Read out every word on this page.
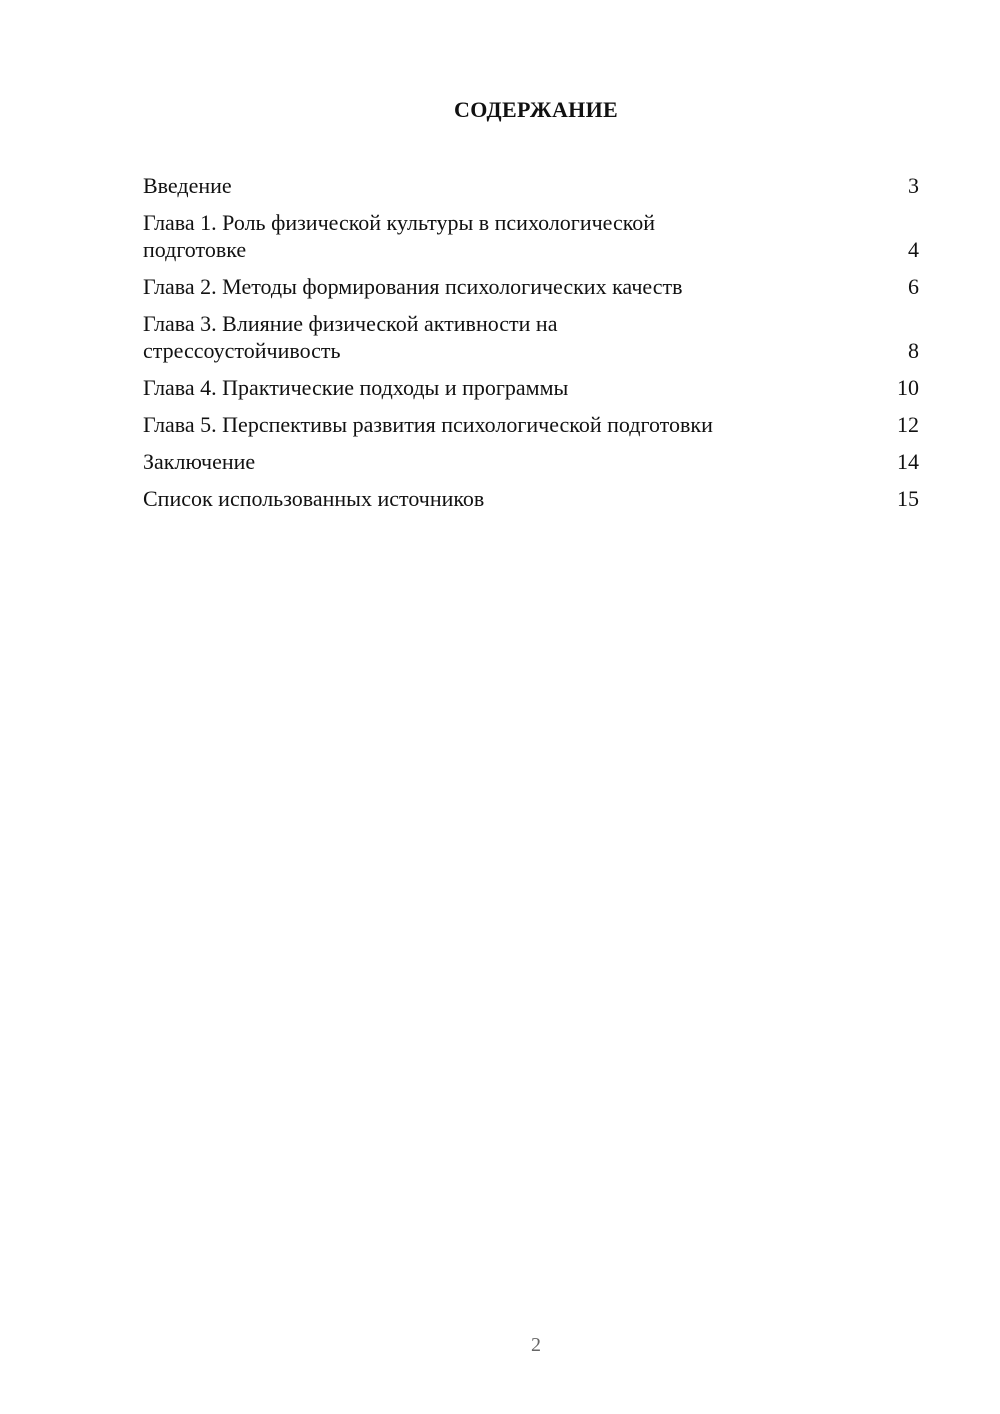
СОДЕРЖАНИЕ
Введение	3
Глава 1. Роль физической культуры в психологической подготовке	4
Глава 2. Методы формирования психологических качеств	6
Глава 3. Влияние физической активности на стрессоустойчивость	8
Глава 4. Практические подходы и программы	10
Глава 5. Перспективы развития психологической подготовки	12
Заключение	14
Список использованных источников	15
2
